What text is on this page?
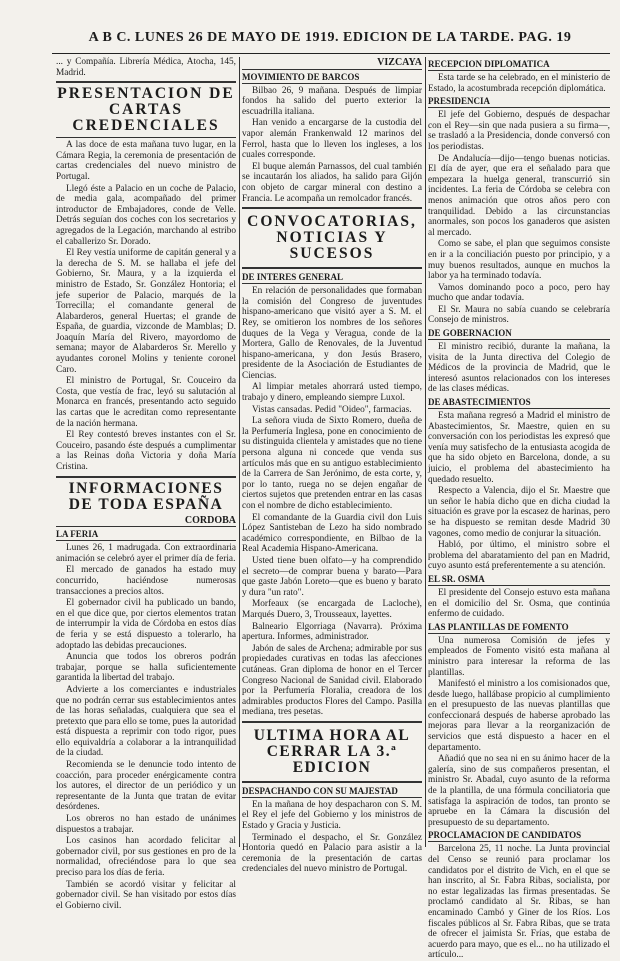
A B C. LUNES 26 DE MAYO DE 1919. EDICION DE LA TARDE. PAG. 19

... y Compañía. Librería Médica, Atocha, 145, Madrid.

PRESENTACION DE CARTAS CREDENCIALES

A las doce de esta mañana tuvo lugar, en la Cámara Regia, la ceremonia de presentación de cartas credenciales del nuevo ministro de Portugal.

Llegó éste a Palacio en un coche de Palacio, de media gala, acompañado del primer introductor de Embajadores, conde de Velle. Detrás seguían dos coches con los secretarios y agregados de la Legación, marchando al estribo el caballerizo Sr. Dorado.

El Rey vestía uniforme de capitán general y a la derecha de S. M. se hallaba el jefe del Gobierno, Sr. Maura, y a la izquierda el ministro de Estado, Sr. González Hontoria; el jefe superior de Palacio, marqués de la Torrecilla; el comandante general de Alabarderos, general Huertas; el grande de España, de guardia, vizconde de Mamblas; D. Joaquín María del Rivero, mayordomo de semana; mayor de Alabarderos Sr. Merello y ayudantes coronel Molins y teniente coronel Caro.

El ministro de Portugal, Sr. Couceiro da Costa, que vestía de frac, leyó su salutación al Monarca en francés, presentando acto seguido las cartas que le acreditan como representante de la nación hermana.

El Rey contestó breves instantes con el Sr. Couceiro, pasando éste después a cumplimentar a las Reinas doña Victoria y doña María Cristina.

INFORMACIONES DE TODA ESPAÑA

CORDOBA

LA FERIA

Lunes 26, 1 madrugada. Con extraordinaria animación se celebró ayer el primer día de feria.

El mercado de ganados ha estado muy concurrido, haciéndose numerosas transacciones a precios altos.

El gobernador civil ha publicado un bando, en el que dice que, por ciertos elementos tratan de interrumpir la vida de Córdoba en estos días de feria y se está dispuesto a tolerarlo, ha adoptado las debidas precauciones.

Anuncia que todos los obreros podrán trabajar, porque se halla suficientemente garantida la libertad del trabajo.

Advierte a los comerciantes e industriales que no podrán cerrar sus establecimientos antes de las horas señaladas, cualquiera que sea el pretexto que para ello se tome, pues la autoridad está dispuesta a reprimir con todo rigor, pues ello equivaldría a colaborar a la intranquilidad de la ciudad.

Recomienda se le denuncie todo intento de coacción, para proceder enérgicamente contra los autores, el director de un periódico y un representante de la Junta que tratan de evitar desórdenes.

Los obreros no han estado de unánimes dispuestos a trabajar.

Los casinos han acordado felicitar al gobernador civil, por sus gestiones en pro de la normalidad, ofreciéndose para lo que sea preciso para los días de feria.

También se acordó visitar y felicitar al gobernador civil. Se han visitado por estos días el Gobierno civil.

VIZCAYA

MOVIMIENTO DE BARCOS

Bilbao 26, 9 mañana. Después de limpiar fondos ha salido del puerto exterior la escuadrilla italiana.

Han venido a encargarse de la custodia del vapor alemán Frankenwald 12 marinos del Ferrol, hasta que lo lleven los ingleses, a los cuales corresponde.

El buque alemán Parnassos, del cual también se incautarán los aliados, ha salido para Gijón con objeto de cargar mineral con destino a Francia. Le acompaña un remolcador francés.

CONVOCATORIAS, NOTICIAS Y SUCESOS

DE INTERES GENERAL

En relación de personalidades que formaban la comisión del Congreso de juventudes hispano-americano que visitó ayer a S. M. el Rey, se omitieron los nombres de los señores duques de la Vega y Veragua, conde de la Mortera, Gallo de Renovales, de la Juventud hispano-americana, y don Jesús Brasero, presidente de la Asociación de Estudiantes de Ciencias.

Al limpiar metales ahorrará usted tiempo, trabajo y dinero, empleando siempre Luxol.

Vistas cansadas. Pedid "Oideo", farmacias.

La señora viuda de Sixto Romero, dueña de la Perfumería Inglesa, pone en conocimiento de su distinguida clientela y amistades que no tiene persona alguna ni concede que venda sus artículos más que en su antiguo establecimiento de la Carrera de San Jerónimo, de esta corte, y, por lo tanto, ruega no se dejen engañar de ciertos sujetos que pretenden entrar en las casas con el nombre de dicho establecimiento.

El comandante de la Guardia civil don Luis López Santisteban de Lezo ha sido nombrado académico correspondiente, en Bilbao de la Real Academia Hispano-Americana.

Usted tiene buen olfato—y ha comprendido el secreto—de comprar buena y barato—Para que gaste Jabón Loreto—que es bueno y barato y dura "un rato".

Morfeaux (se encargada de Lacloche), Marqués Duero, 3, Trousseaux, layettes.

Balneario Elgorriaga (Navarra). Próxima apertura. Informes, administrador.

Jabón de sales de Archena; admirable por sus propiedades curativas en todas las afecciones cutáneas. Gran diploma de honor en el Tercer Congreso Nacional de Sanidad civil. Elaborado por la Perfumería Floralia, creadora de los admirables productos Flores del Campo. Pasilla mediana, tres pesetas.

ULTIMA HORA AL CERRAR LA 3.ª EDICION

DESPACHANDO CON SU MAJESTAD

En la mañana de hoy despacharon con S. M. el Rey el jefe del Gobierno y los ministros de Estado y Gracia y Justicia.

Terminado el despacho, el Sr. González Hontoria quedó en Palacio para asistir a la ceremonia de la presentación de cartas credenciales del nuevo ministro de Portugal.

RECEPCION DIPLOMATICA

Esta tarde se ha celebrado, en el ministerio de Estado, la acostumbrada recepción diplomática.

PRESIDENCIA

El jefe del Gobierno, después de despachar con el Rey—sin que nada pusiera a su firma—, se trasladó a la Presidencia, donde conversó con los periodistas.

De Andalucía—dijo—tengo buenas noticias. El día de ayer, que era el señalado para que empezara la huelga general, transcurrió sin incidentes. La feria de Córdoba se celebra con menos animación que otros años pero con tranquilidad. Debido a las circunstancias anormales, son pocos los ganaderos que asisten al mercado.

Como se sabe, el plan que seguimos consiste en ir a la conciliación puesto por principio, y a muy buenos resultados, aunque en muchos la labor ya ha terminado todavía.

Vamos dominando poco a poco, pero hay mucho que andar todavía.

El Sr. Maura no sabía cuando se celebraría Consejo de ministros.

DE GOBERNACION

El ministro recibió, durante la mañana, la visita de la Junta directiva del Colegio de Médicos de la provincia de Madrid, que le interesó asuntos relacionados con los intereses de las clases médicas.

DE ABASTECIMIENTOS

Esta mañana regresó a Madrid el ministro de Abastecimientos, Sr. Maestre, quien en su conversación con los periodistas les expresó que venía muy satisfecho de la entusiasta acogida de que ha sido objeto en Barcelona, donde, a su juicio, el problema del abastecimiento ha quedado resuelto.

Respecto a Valencia, dijo el Sr. Maestre que un señor le había dicho que en dicha ciudad la situación es grave por la escasez de harinas, pero se ha dispuesto se remitan desde Madrid 30 vagones, como medio de conjurar la situación.

Habló, por último, el ministro sobre el problema del abaratamiento del pan en Madrid, cuyo asunto está preferentemente a su atención.

EL SR. OSMA

El presidente del Consejo estuvo esta mañana en el domicilio del Sr. Osma, que continúa enfermo de cuidado.

LAS PLANTILLAS DE FOMENTO

Una numerosa Comisión de jefes y empleados de Fomento visitó esta mañana al ministro para interesar la reforma de las plantillas.

Manifestó el ministro a los comisionados que, desde luego, hallábase propicio al cumplimiento en el presupuesto de las nuevas plantillas que confeccionará después de haberse aprobado las mejoras para llevar a la reorganización de servicios que está dispuesto a hacer en el departamento.

Añadió que no sea ni en su ánimo hacer de la galería, sino de sus compañeros presentan, el ministro Sr. Abadal, cuyo asunto de la reforma de la plantilla, de una fórmula conciliatoria que satisfaga la aspiración de todos, tan pronto se apruebe en la Cámara la discusión del presupuesto de su departamento.

PROCLAMACION DE CANDIDATOS

Barcelona 25, 11 noche. La Junta provincial del Censo se reunió para proclamar los candidatos por el distrito de Vich, en el que se han inscrito, al Sr. Fabra Ribas, socialista, por no estar legalizadas las firmas presentadas. Se proclamó candidato al Sr. Ribas, se han encaminado Cambó y Giner de los Ríos. Los fiscales públicos al Sr. Fabra Ribas, que se trata de ofrecer el jaimista Sr. Frías, que estaba de acuerdo para mayo, que es el... no ha utilizado el artículo...
